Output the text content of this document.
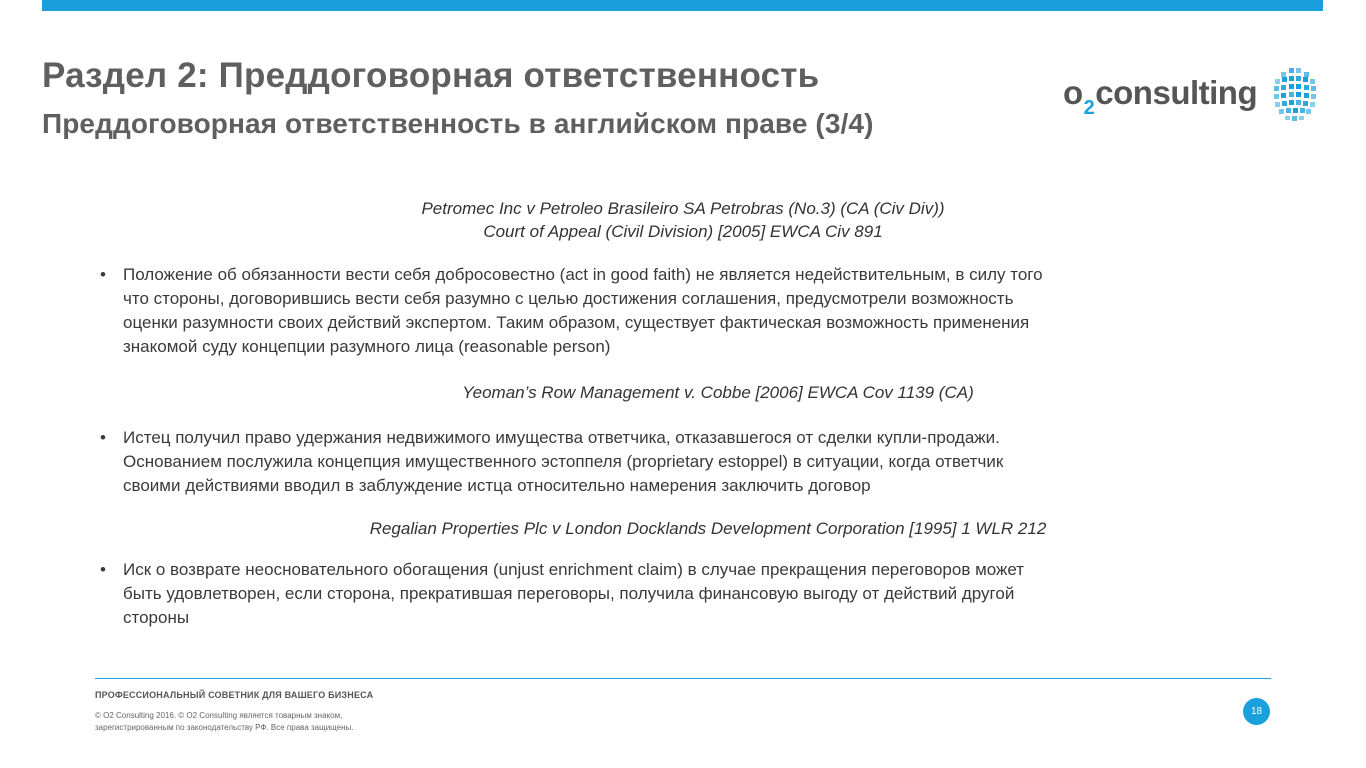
Раздел 2: Преддоговорная ответственность
Преддоговорная ответственность в английском праве (3/4)
$o_2consulting$
Petromec Inc v Petroleo Brasileiro SA Petrobras (No.3) (CA (Civ Div))
Court of Appeal (Civil Division) [2005] EWCA Civ 891
•	Положение об обязанности вести себя добросовестно (act in good faith) не является недействительным, в силу того
что стороны, договорившись вести себя разумно с целью достижения соглашения, предусмотрели возможность
оценки разумности своих действий экспертом. Таким образом, существует фактическая возможность применения
знакомой суду концепции разумного лица (reasonable person)
Yeoman’s Row Management v. Cobbe [2006] EWCA Cov 1139 (CA)
•	Истец получил право удержания недвижимого имущества ответчика, отказавшегося от сделки купли-продажи.
Основанием послужила концепция имущественного эстоппеля (proprietary estoppel) в ситуации, когда ответчик
своими действиями вводил в заблуждение истца относительно намерения заключить договор
Regalian Properties Plc v London Docklands Development Corporation [1995] 1 WLR 212
•	Иск о возврате неосновательного обогащения (unjust enrichment claim) в случае прекращения переговоров может
быть удовлетворен, если сторона, прекратившая переговоры, получила финансовую выгоду от действий другой
стороны
ПРОФЕССИОНАЛЬНЫЙ СОВЕТНИК ДЛЯ ВАШЕГО БИЗНЕСА
© O2 Consulting 2016. © O2 Consulting является товарным знаком,
зарегистрированным по законодательству РФ. Все права защищены.
18
